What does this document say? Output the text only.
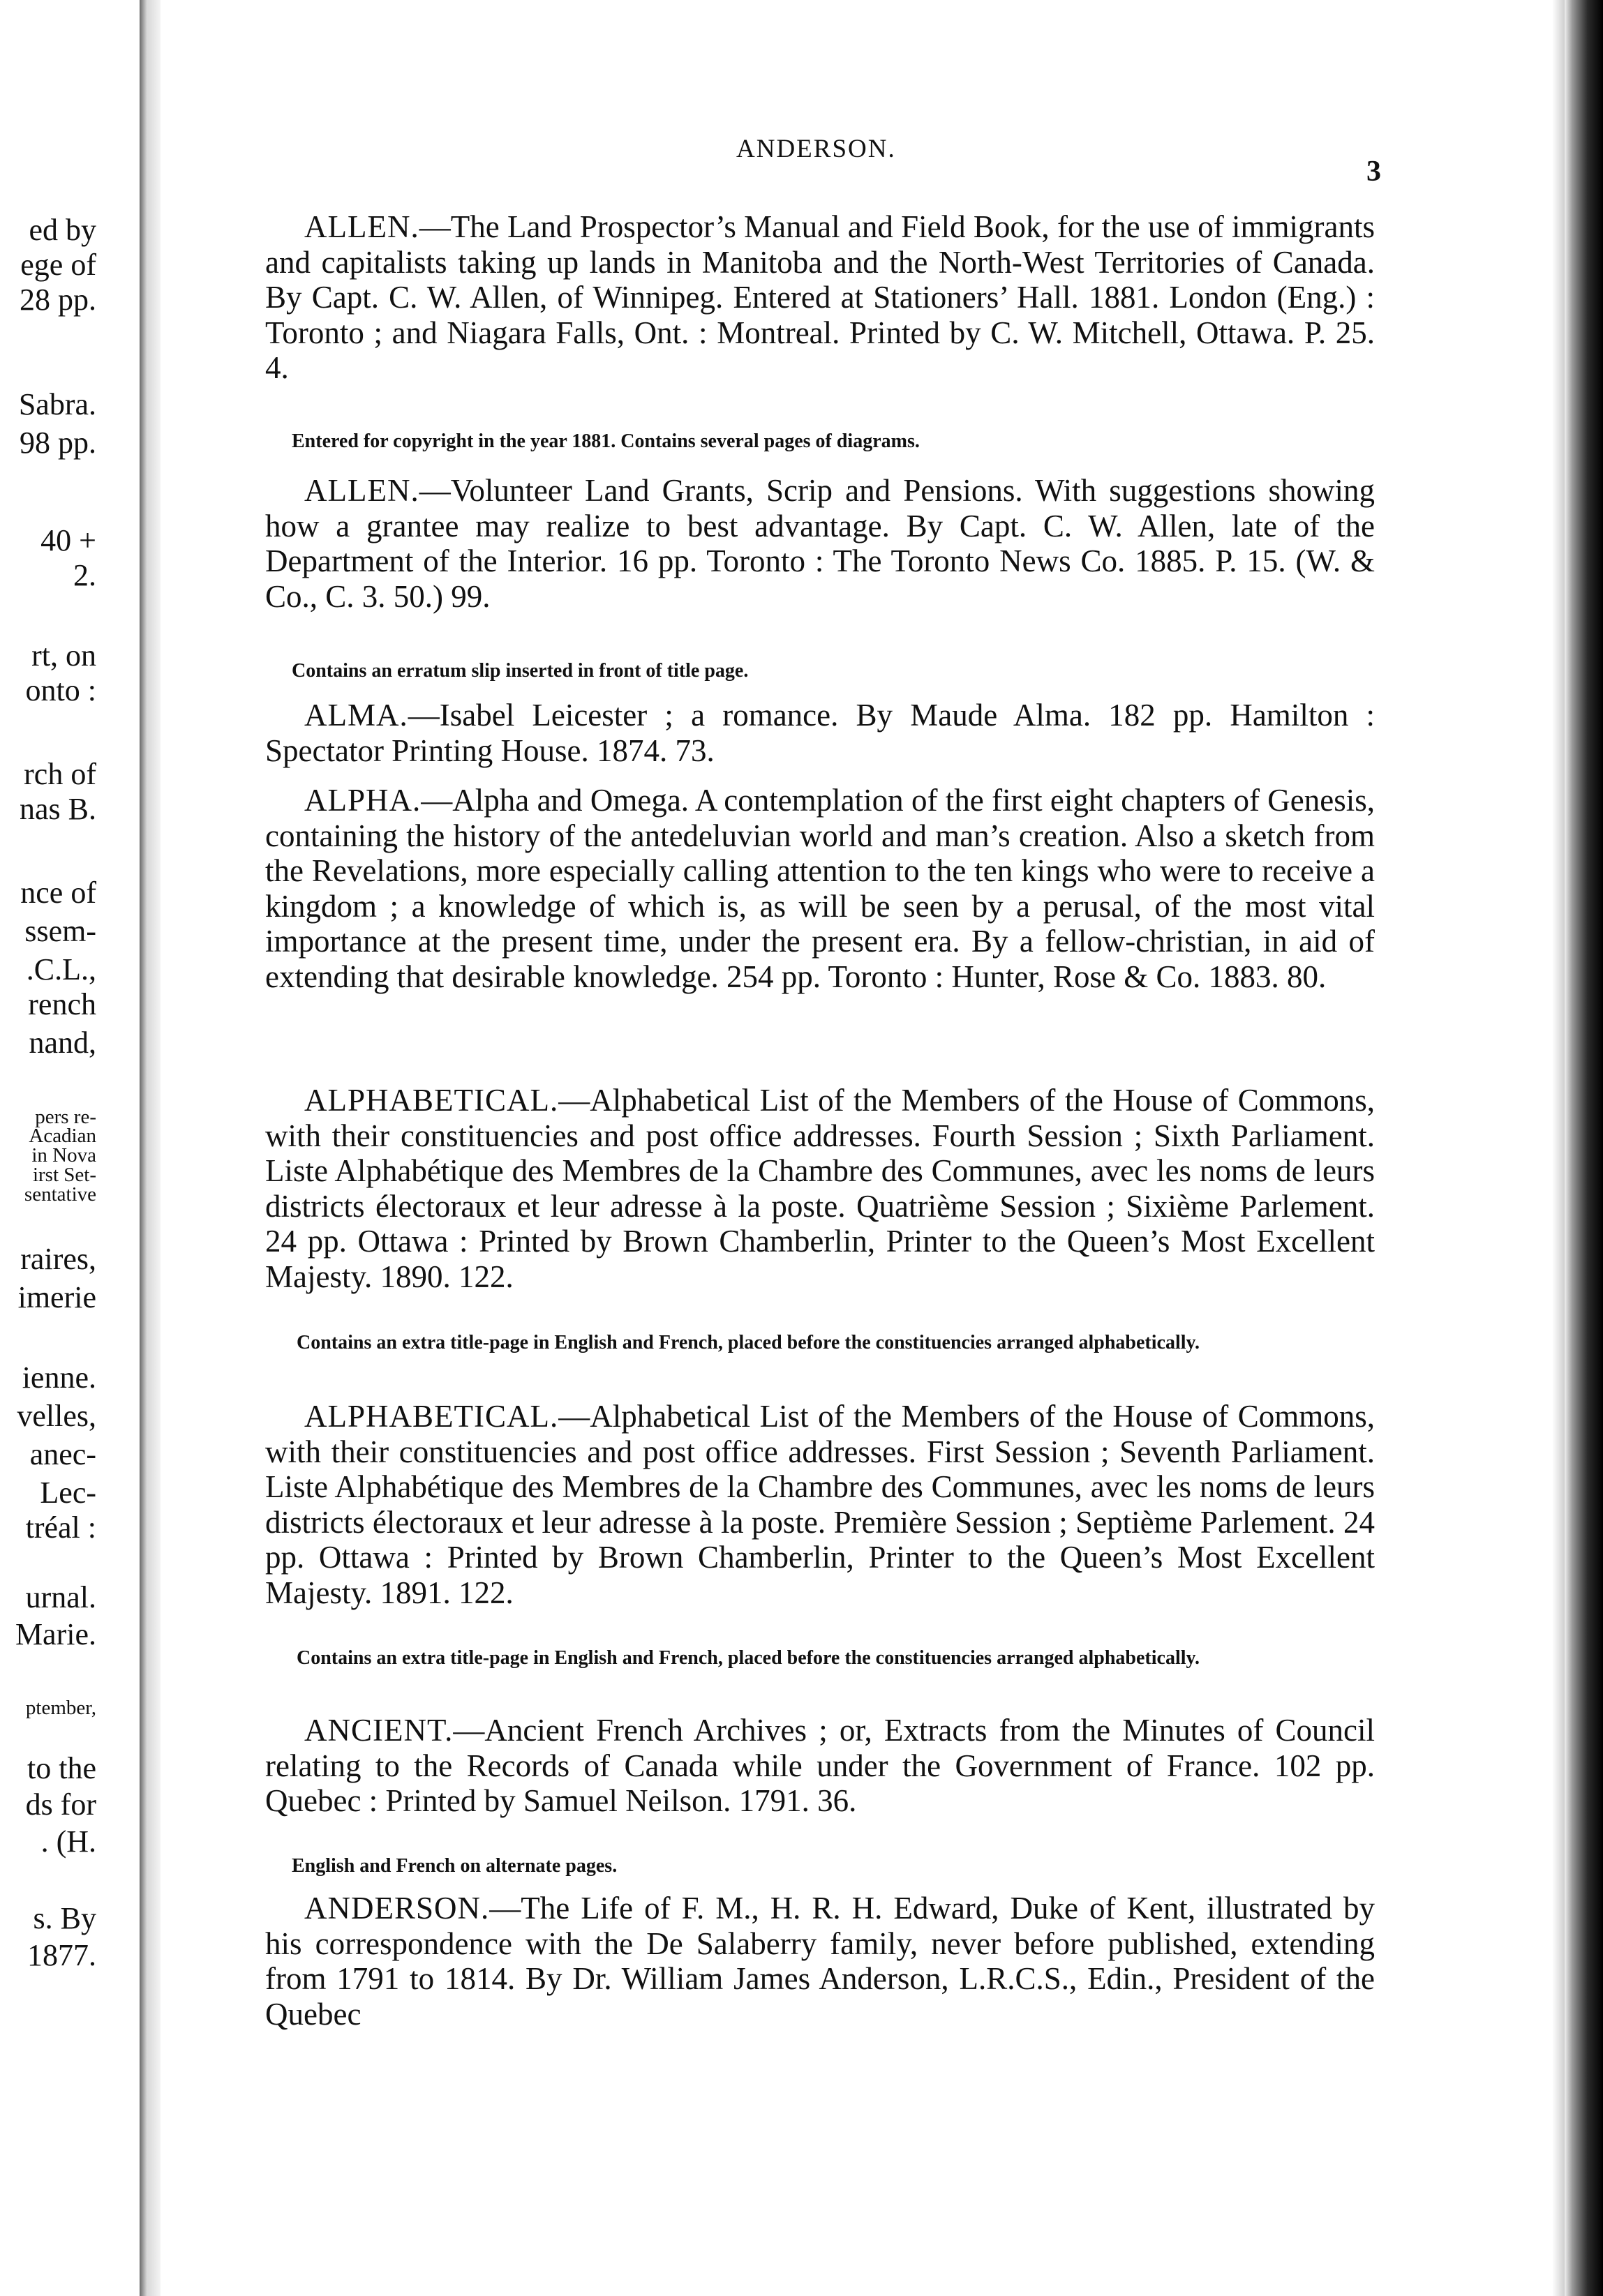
ed by
ege of
28 pp.
Sabra.
98 pp.
40 +
2.
rt, on
onto :
rch of
nas B.
nce of
ssem-
.C.L.,
rench
nand,
pers re-
Acadian
in Nova
irst Set-
sentative
raires,
imerie
ienne.
velles,
anec-
Lec-
tréal :
urnal.
Marie.
ptember,
to the
ds for
. (H.
s. By
1877.
ANDERSON.
3

ALLEN.—The Land Prospector’s Manual and Field Book, for the use of immigrants and capitalists taking up lands in Manitoba and the North-West Territories of Canada. By Capt. C. W. Allen, of Winnipeg. Entered at Stationers’ Hall. 1881. London (Eng.) : Toronto ; and Niagara Falls, Ont. : Montreal. Printed by C. W. Mitchell, Ottawa. P. 25. 4.

Entered for copyright in the year 1881. Contains several pages of diagrams.

ALLEN.—Volunteer Land Grants, Scrip and Pensions. With suggestions showing how a grantee may realize to best advantage. By Capt. C. W. Allen, late of the Department of the Interior. 16 pp. Toronto : The Toronto News Co. 1885. P. 15. (W. & Co., C. 3. 50.) 99.

Contains an erratum slip inserted in front of title page.

ALMA.—Isabel Leicester ; a romance. By Maude Alma. 182 pp. Hamilton : Spectator Printing House. 1874. 73.

ALPHA.—Alpha and Omega. A contemplation of the first eight chapters of Genesis, containing the history of the antedeluvian world and man’s creation. Also a sketch from the Revelations, more especially calling attention to the ten kings who were to receive a kingdom ; a knowledge of which is, as will be seen by a perusal, of the most vital importance at the present time, under the present era. By a fellow-christian, in aid of extending that desirable knowledge. 254 pp. Toronto : Hunter, Rose & Co. 1883. 80.

ALPHABETICAL.—Alphabetical List of the Members of the House of Commons, with their constituencies and post office addresses. Fourth Session ; Sixth Parliament. Liste Alphabétique des Membres de la Chambre des Communes, avec les noms de leurs districts électoraux et leur adresse à la poste. Quatrième Session ; Sixième Parlement. 24 pp. Ottawa : Printed by Brown Chamberlin, Printer to the Queen’s Most Excellent Majesty. 1890. 122.

Contains an extra title-page in English and French, placed before the constituencies arranged alphabetically.

ALPHABETICAL.—Alphabetical List of the Members of the House of Commons, with their constituencies and post office addresses. First Session ; Seventh Parliament. Liste Alphabétique des Membres de la Chambre des Communes, avec les noms de leurs districts électoraux et leur adresse à la poste. Première Session ; Septième Parlement. 24 pp. Ottawa : Printed by Brown Chamberlin, Printer to the Queen’s Most Excellent Majesty. 1891. 122.

Contains an extra title-page in English and French, placed before the constituencies arranged alphabetically.

ANCIENT.—Ancient French Archives ; or, Extracts from the Minutes of Council relating to the Records of Canada while under the Government of France. 102 pp. Quebec : Printed by Samuel Neilson. 1791. 36.

English and French on alternate pages.

ANDERSON.—The Life of F. M., H. R. H. Edward, Duke of Kent, illustrated by his correspondence with the De Salaberry family, never before published, extending from 1791 to 1814. By Dr. William James Anderson, L.R.C.S., Edin., President of the Quebec
